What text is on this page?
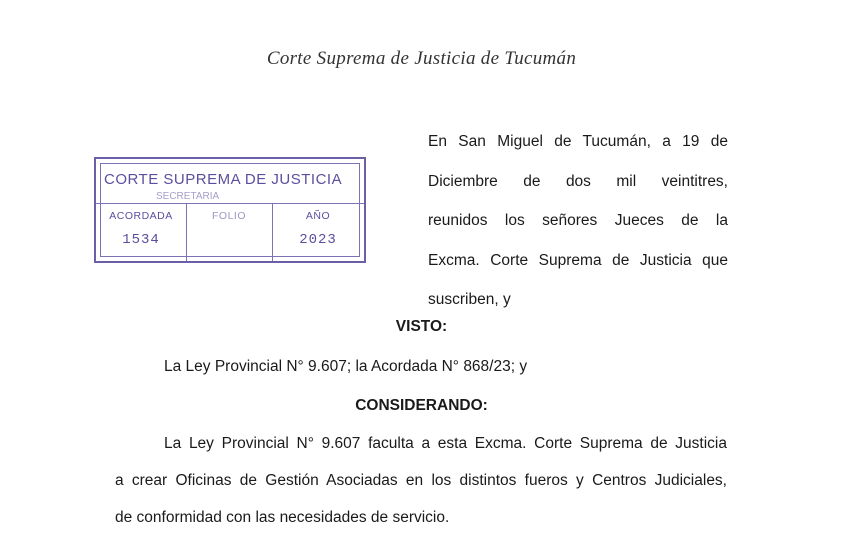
Corte Suprema de Justicia de Tucumán
CORTE SUPREMA DE JUSTICIA
SECRETARIA
ACORDADA
1534
FOLIO	AÑO
2023
En San Miguel de Tucumán, a 19 de
Diciembre de dos mil veintitres,
reunidos los señores Jueces de la
Excma. Corte Suprema de Justicia que
suscriben, y
VISTO:
La Ley Provincial N° 9.607; la Acordada N° 868/23; y
CONSIDERANDO:
La Ley Provincial N° 9.607 faculta a esta Excma. Corte Suprema de Justicia
a crear Oficinas de Gestión Asociadas en los distintos fueros y Centros Judiciales,
de conformidad con las necesidades de servicio.
